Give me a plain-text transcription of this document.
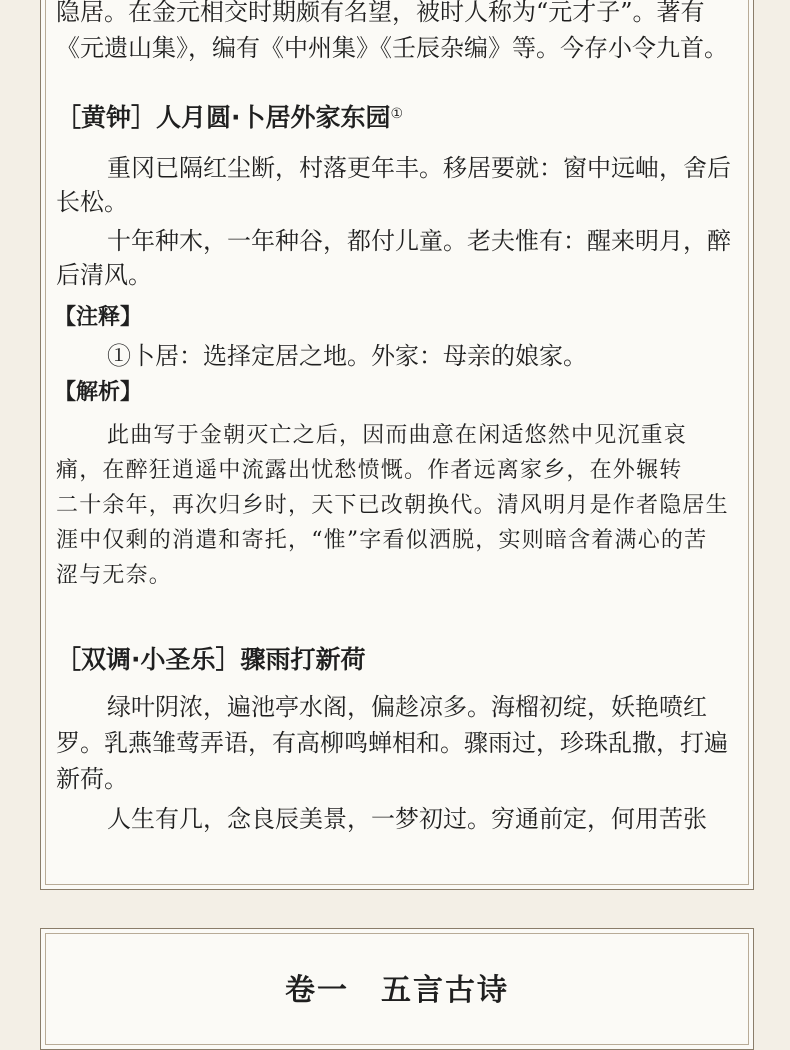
隐居。在金元相交时期颇有名望，被时人称为“元才子”。著有
《元遗山集》，编有《中州集》《壬辰杂编》等。今存小令九首。
［黄钟］人月圆·卜居外家东园①
重冈已隔红尘断，村落更年丰。移居要就：窗中远岫，舍后
长松。
十年种木，一年种谷，都付儿童。老夫惟有：醒来明月，醉
后清风。
【注释】
①卜居：选择定居之地。外家：母亲的娘家。
【解析】
此曲写于金朝灭亡之后，因而曲意在闲适悠然中见沉重哀
痛，在醉狂逍遥中流露出忧愁愤慨。作者远离家乡，在外辗转
二十余年，再次归乡时，天下已改朝换代。清风明月是作者隐居生
涯中仅剩的消遣和寄托，“惟”字看似洒脱，实则暗含着满心的苦
涩与无奈。
［双调·小圣乐］骤雨打新荷
绿叶阴浓，遍池亭水阁，偏趁凉多。海榴初绽，妖艳喷红
罗。乳燕雏莺弄语，有高柳鸣蝉相和。骤雨过，珍珠乱撒，打遍
新荷。
人生有几，念良辰美景，一梦初过。穷通前定，何用苦张
卷一　五言古诗
